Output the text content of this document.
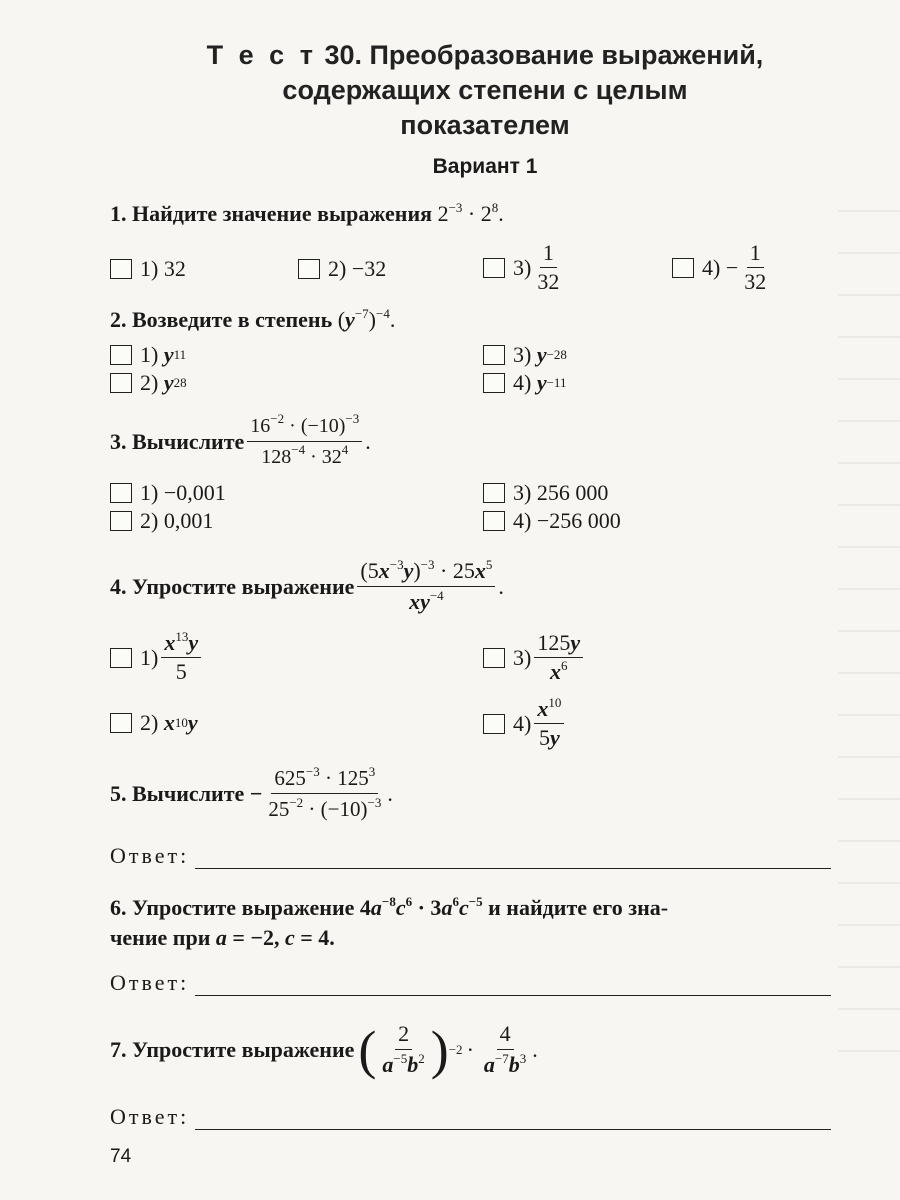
Т е с т 30. Преобразование выражений,
содержащих степени с целым
показателем
Вариант 1
1. Найдите значение выражения $2^{-3} \cdot 2^8$.
1) 32	2) −32	$3) \frac{1}{32}$	$4) - \frac{1}{32}$
2. Возведите в степень $(y^{-7})^{-4}$.
1)
y 11
2)
y 28
3)
y −28
4)
y −11
3.
Вычислите $\frac{16^{-2} \cdot (-10)^{-3}}{128^{-4} \cdot 32^4}$ .
1) −0,001
2) 0,001
3) 256 000
4) −256 000
4.
Упростите выражение $\frac{(5x^{-3}y)^{-3} \cdot 25x^5}{xy^{-4}}$ .
$1) \frac{x^{13}y}{5}$
2)
x 10 y
$3) \frac{125y}{x^6}$
$4) \frac{x^{10}}{5y}$
5.
Вычислите − $\frac{625^{-3} \cdot 125^3}{25^{-2} \cdot (-10)^{-3}}$ .
Ответ:
6. Упростите выражение $4a^{-8}c^6 \cdot 3a^6c^{-5}$ и найдите его зна-
чение при a = −2, c = 4.
Ответ:
7.
Упростите выражение ( $\frac{2}{a^{-5}b^2}$ ) $-2 \cdot \frac{4}{a^{-7}b^3}$ .
Ответ:
74
